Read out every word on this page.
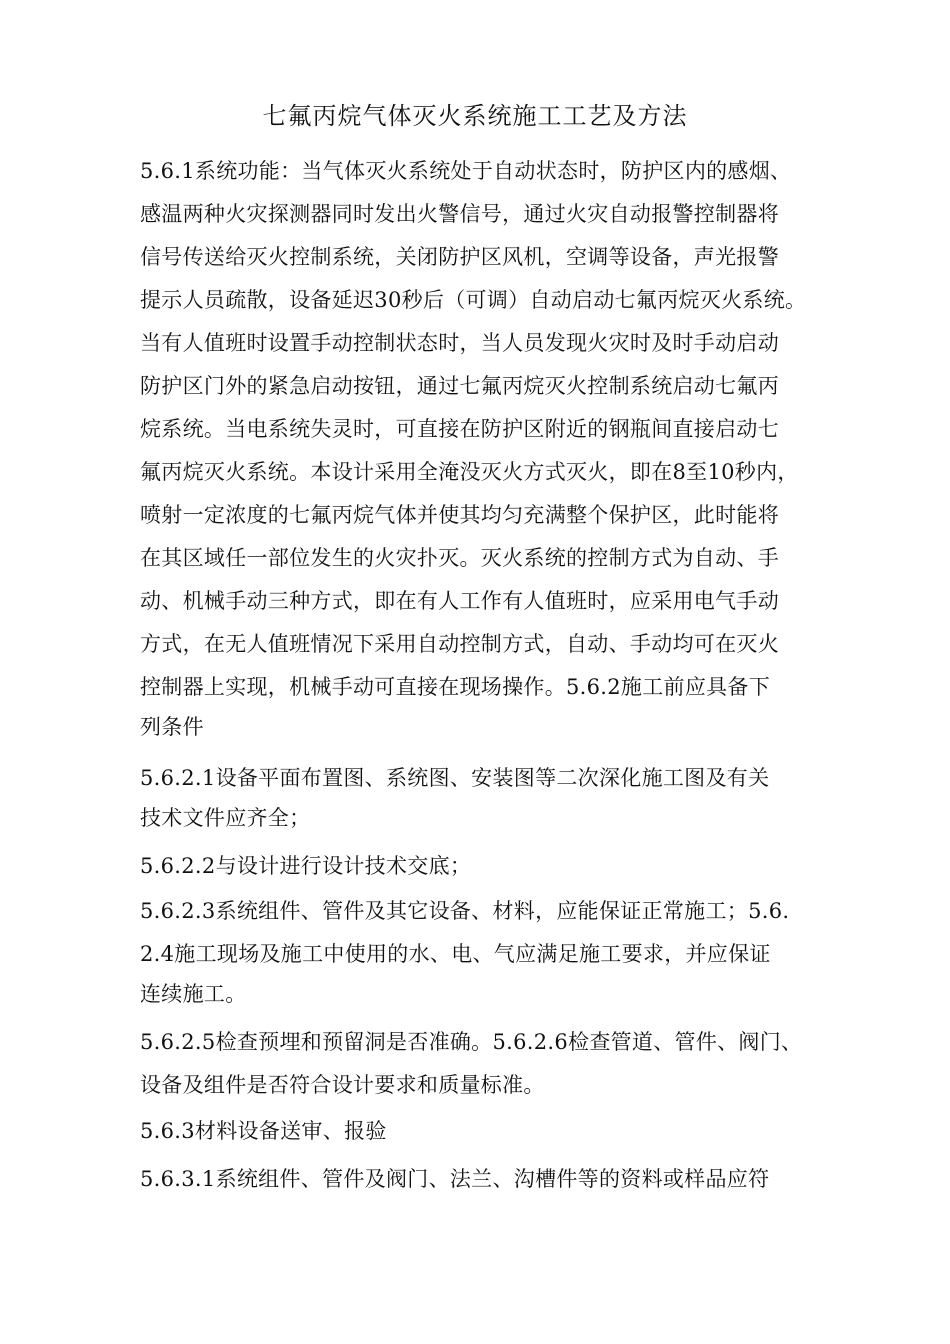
七氟丙烷气体灭火系统施工工艺及方法
5.6.1系统功能：当气体灭火系统处于自动状态时，防护区内的感烟、
感温两种火灾探测器同时发出火警信号，通过火灾自动报警控制器将
信号传送给灭火控制系统，关闭防护区风机，空调等设备，声光报警
提示人员疏散，设备延迟30秒后（可调）自动启动七氟丙烷灭火系统。
当有人值班时设置手动控制状态时，当人员发现火灾时及时手动启动
防护区门外的紧急启动按钮，通过七氟丙烷灭火控制系统启动七氟丙
烷系统。当电系统失灵时，可直接在防护区附近的钢瓶间直接启动七
氟丙烷灭火系统。本设计采用全淹没灭火方式灭火，即在8至10秒内，
喷射一定浓度的七氟丙烷气体并使其均匀充满整个保护区，此时能将
在其区域任一部位发生的火灾扑灭。灭火系统的控制方式为自动、手
动、机械手动三种方式，即在有人工作有人值班时，应采用电气手动
方式，在无人值班情况下采用自动控制方式，自动、手动均可在灭火
控制器上实现，机械手动可直接在现场操作。5.6.2施工前应具备下
列条件
5.6.2.1设备平面布置图、系统图、安装图等二次深化施工图及有关
技术文件应齐全；
5.6.2.2与设计进行设计技术交底；
5.6.2.3系统组件、管件及其它设备、材料，应能保证正常施工；5.6.
2.4施工现场及施工中使用的水、电、气应满足施工要求，并应保证
连续施工。
5.6.2.5检查预埋和预留洞是否准确。5.6.2.6检查管道、管件、阀门、
设备及组件是否符合设计要求和质量标准。
5.6.3材料设备送审、报验
5.6.3.1系统组件、管件及阀门、法兰、沟槽件等的资料或样品应符
